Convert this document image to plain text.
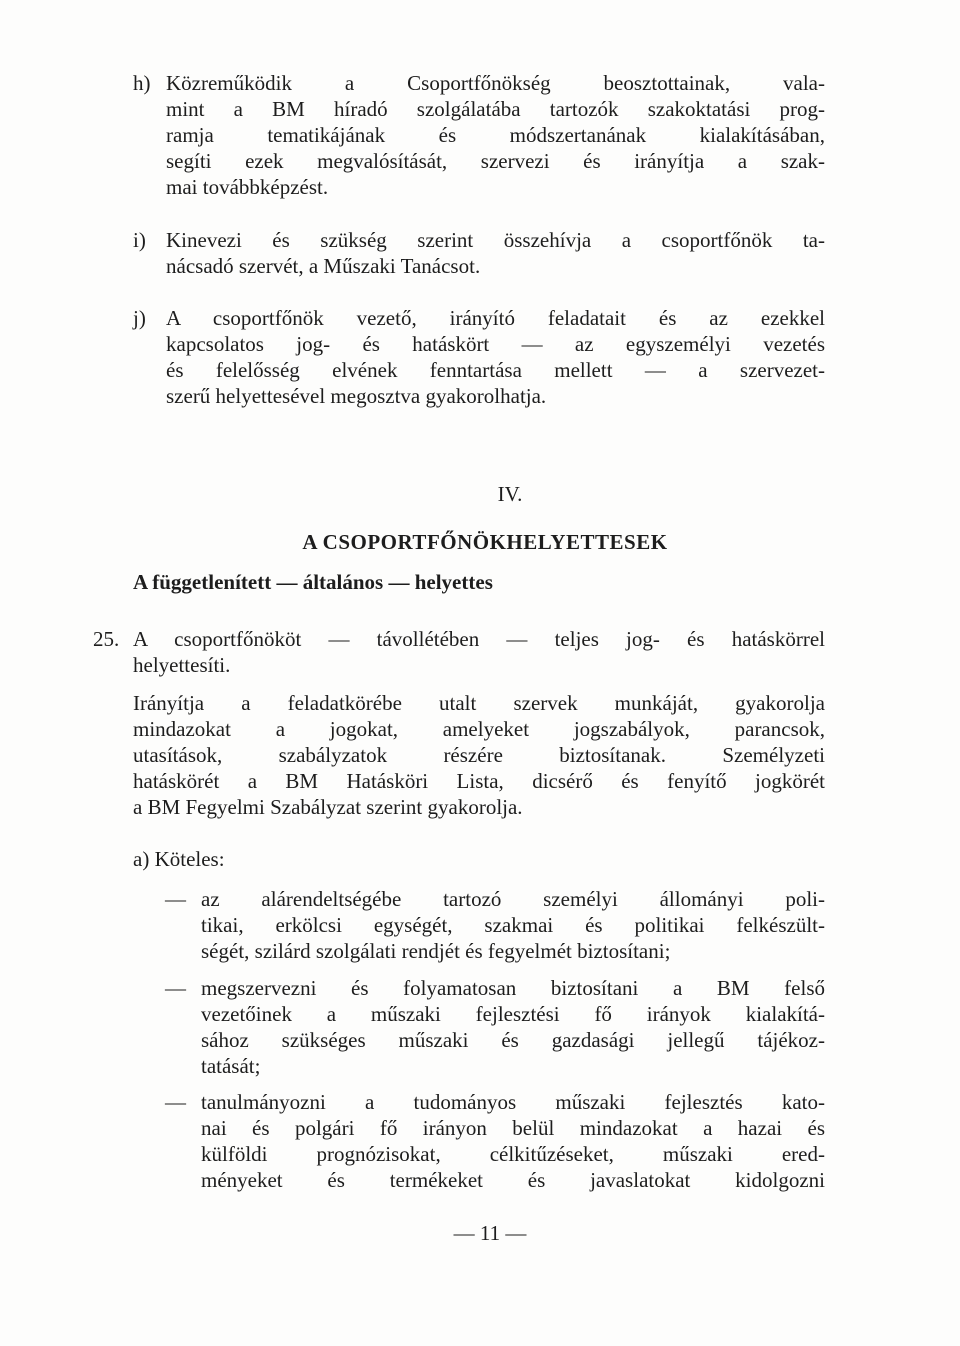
h) Közreműködik a Csoportfőnökség beosztottainak, vala-
mint a BM híradó szolgálatába tartozók szakoktatási prog-
ramja tematikájának és módszertanának kialakításában,
segíti ezek megvalósítását, szervezi és irányítja a szak-
mai továbbképzést.
i) Kinevezi és szükség szerint összehívja a csoportfőnök ta-
nácsadó szervét, a Műszaki Tanácsot.
j) A csoportfőnök vezető, irányító feladatait és az ezekkel
kapcsolatos jog- és hatáskört — az egyszemélyi vezetés
és felelősség elvének fenntartása mellett — a szervezet-
szerű helyettesével megosztva gyakorolhatja.
IV.
A CSOPORTFŐNÖKHELYETTESEK
A függetlenített — általános — helyettes
25. A csoportfőnököt — távollétében — teljes jog- és hatáskörrel
helyettesíti.
Irányítja a feladatkörébe utalt szervek munkáját, gyakorolja
mindazokat a jogokat, amelyeket jogszabályok, parancsok,
utasítások, szabályzatok részére biztosítanak. Személyzeti
hatáskörét a BM Hatásköri Lista, dicsérő és fenyítő jogkörét
a BM Fegyelmi Szabályzat szerint gyakorolja.
a) Köteles:
— az alárendeltségébe tartozó személyi állományi poli-
tikai, erkölcsi egységét, szakmai és politikai felkészült-
ségét, szilárd szolgálati rendjét és fegyelmét biztosítani;
— megszervezni és folyamatosan biztosítani a BM felső
vezetőinek a műszaki fejlesztési fő irányok kialakítá-
sához szükséges műszaki és gazdasági jellegű tájékoz-
tatását;
— tanulmányozni a tudományos műszaki fejlesztés kato-
nai és polgári fő irányon belül mindazokat a hazai és
külföldi prognózisokat, célkitűzéseket, műszaki ered-
ményeket és termékeket és javaslatokat kidolgozni
— 11 —
